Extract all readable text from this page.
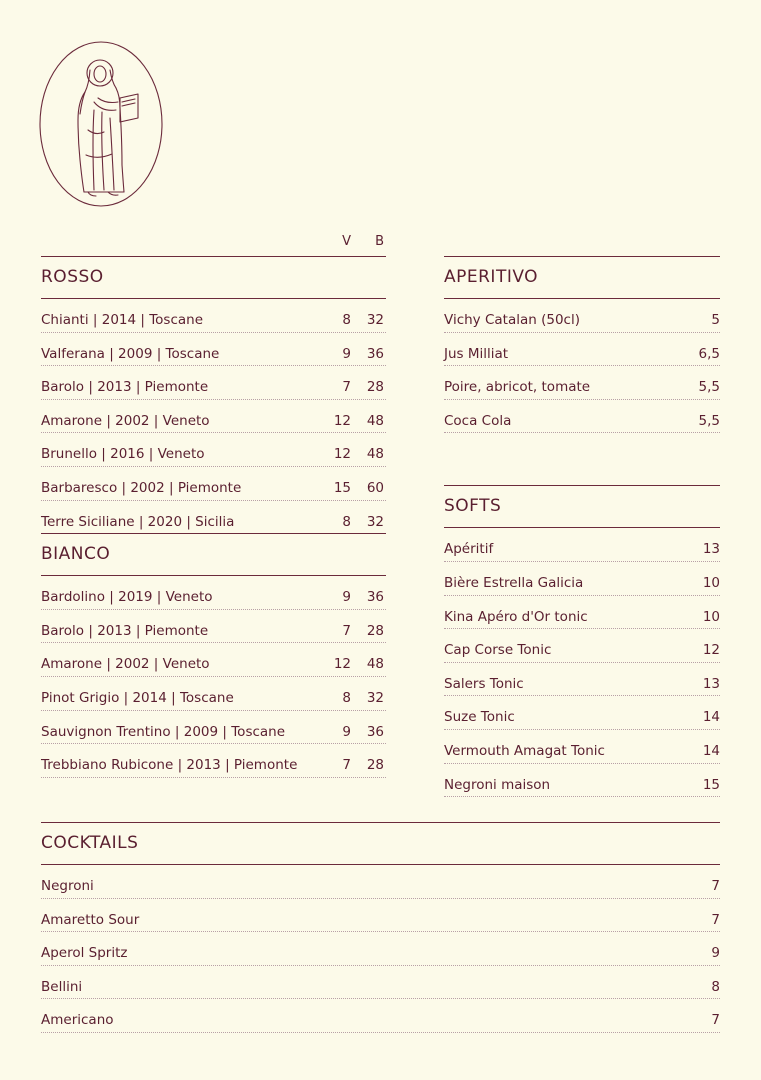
V	B
ROSSO
Chianti | 2014 | Toscane	8	32
Valferana | 2009 | Toscane	9	36
Barolo | 2013 | Piemonte	7	28
Amarone | 2002 | Veneto	12	48
Brunello | 2016 | Veneto	12	48
Barbaresco | 2002 | Piemonte	15	60
Terre Siciliane | 2020 | Sicilia	8	32
BIANCO
Bardolino | 2019 | Veneto	9	36
Barolo | 2013 | Piemonte	7	28
Amarone | 2002 | Veneto	12	48
Pinot Grigio | 2014 | Toscane	8	32
Sauvignon Trentino | 2009 | Toscane	9	36
Trebbiano Rubicone | 2013 | Piemonte	7	28
APERITIVO
Vichy Catalan (50cl)	5
Jus Milliat	6,5
Poire, abricot, tomate	5,5
Coca Cola	5,5
SOFTS
Apéritif	13
Bière Estrella Galicia	10
Kina Apéro d'Or tonic	10
Cap Corse Tonic	12
Salers Tonic	13
Suze Tonic	14
Vermouth Amagat Tonic	14
Negroni maison	15
COCKTAILS
Negroni	7
Amaretto Sour	7
Aperol Spritz	9
Bellini	8
Americano	7
